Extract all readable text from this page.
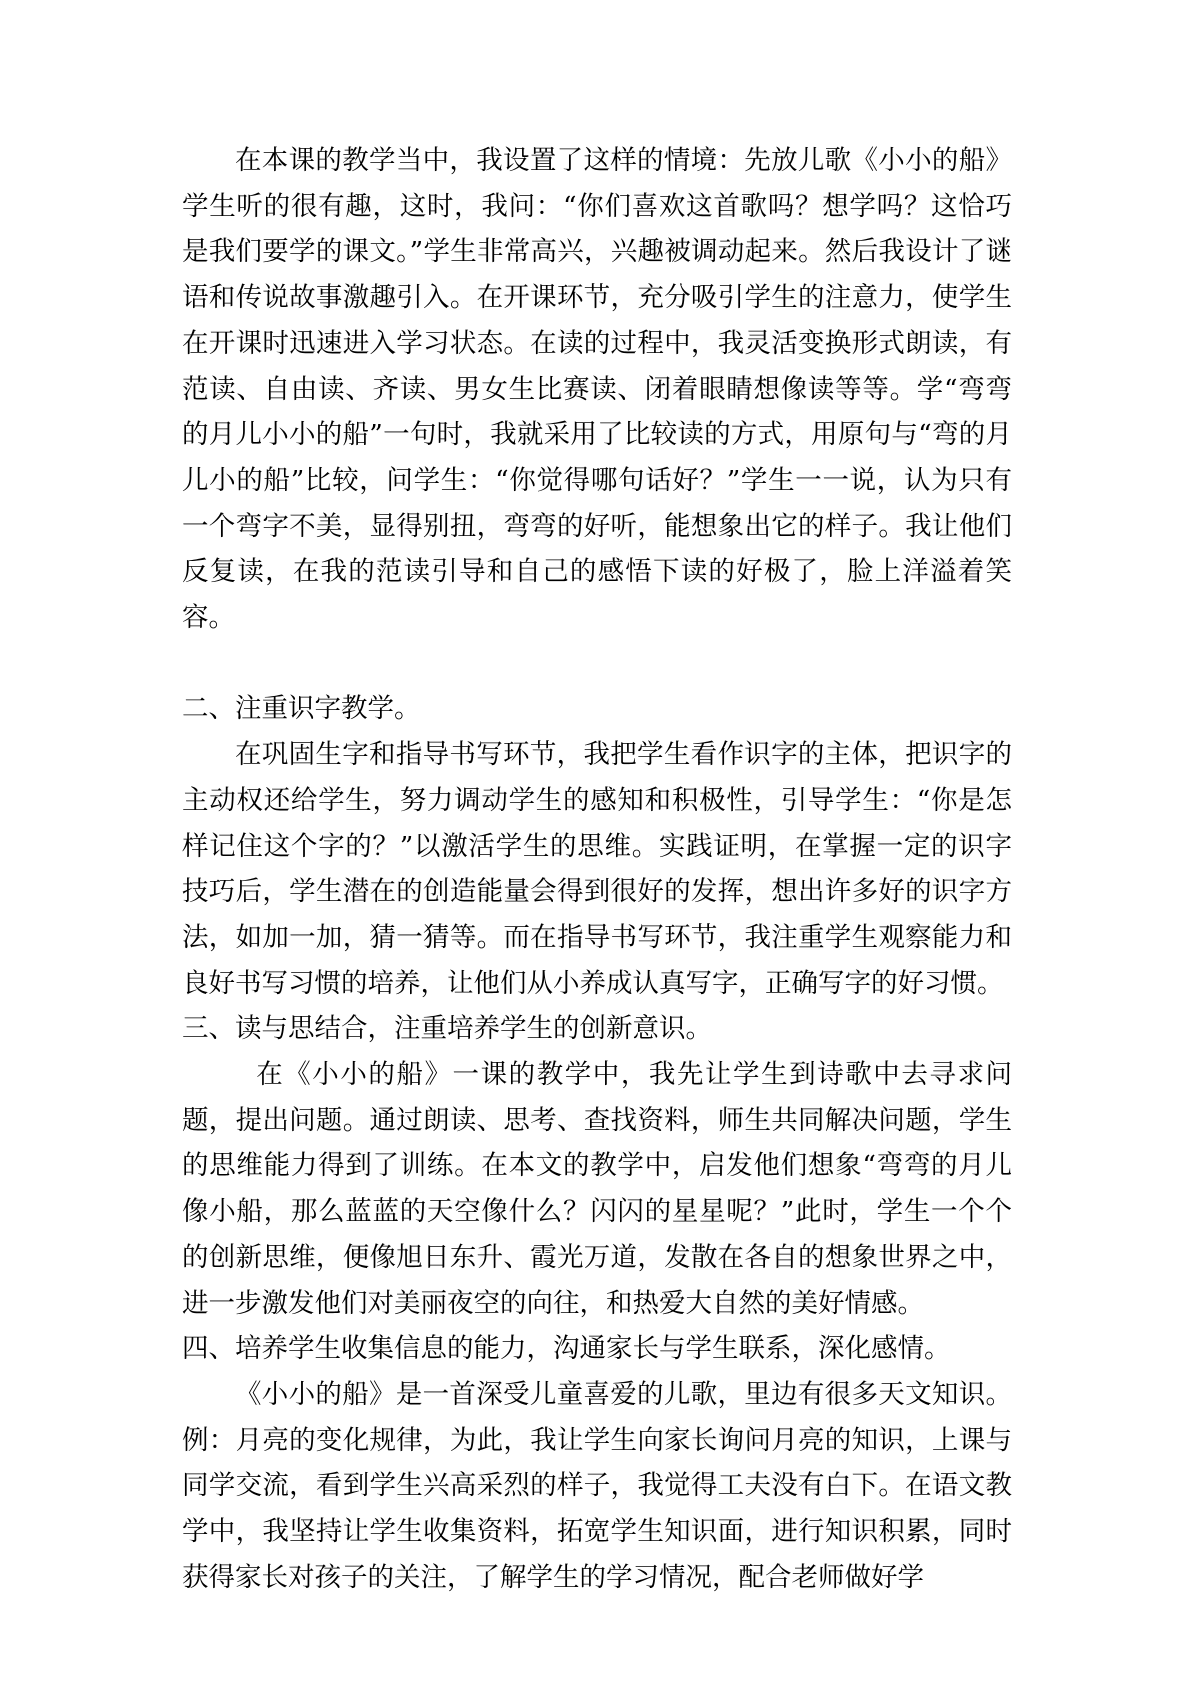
在本课的教学当中，我设置了这样的情境：先放儿歌《小小的船》学生听的很有趣，这时，我问：“你们喜欢这首歌吗？想学吗？这恰巧是我们要学的课文。”学生非常高兴，兴趣被调动起来。然后我设计了谜语和传说故事激趣引入。在开课环节，充分吸引学生的注意力，使学生在开课时迅速进入学习状态。在读的过程中，我灵活变换形式朗读，有范读、自由读、齐读、男女生比赛读、闭着眼睛想像读等等。学“弯弯的月儿小小的船”一句时，我就采用了比较读的方式，用原句与“弯的月儿小的船”比较，问学生：“你觉得哪句话好？”学生一一说，认为只有一个弯字不美，显得别扭，弯弯的好听，能想象出它的样子。我让他们反复读，在我的范读引导和自己的感悟下读的好极了，脸上洋溢着笑容。

二、注重识字教学。

在巩固生字和指导书写环节，我把学生看作识字的主体，把识字的主动权还给学生，努力调动学生的感知和积极性，引导学生：“你是怎样记住这个字的？”以激活学生的思维。实践证明，在掌握一定的识字技巧后，学生潜在的创造能量会得到很好的发挥，想出许多好的识字方法，如加一加，猜一猜等。而在指导书写环节，我注重学生观察能力和良好书写习惯的培养，让他们从小养成认真写字，正确写字的好习惯。

三、读与思结合，注重培养学生的创新意识。

在《小小的船》一课的教学中，我先让学生到诗歌中去寻求问题，提出问题。通过朗读、思考、查找资料，师生共同解决问题，学生的思维能力得到了训练。在本文的教学中，启发他们想象“弯弯的月儿像小船，那么蓝蓝的天空像什么？闪闪的星星呢？”此时，学生一个个的创新思维，便像旭日东升、霞光万道，发散在各自的想象世界之中，进一步激发他们对美丽夜空的向往，和热爱大自然的美好情感。

四、培养学生收集信息的能力，沟通家长与学生联系，深化感情。

《小小的船》是一首深受儿童喜爱的儿歌，里边有很多天文知识。例：月亮的变化规律，为此，我让学生向家长询问月亮的知识，上课与同学交流，看到学生兴高采烈的样子，我觉得工夫没有白下。在语文教学中，我坚持让学生收集资料，拓宽学生知识面，进行知识积累，同时获得家长对孩子的关注，了解学生的学习情况，配合老师做好学
